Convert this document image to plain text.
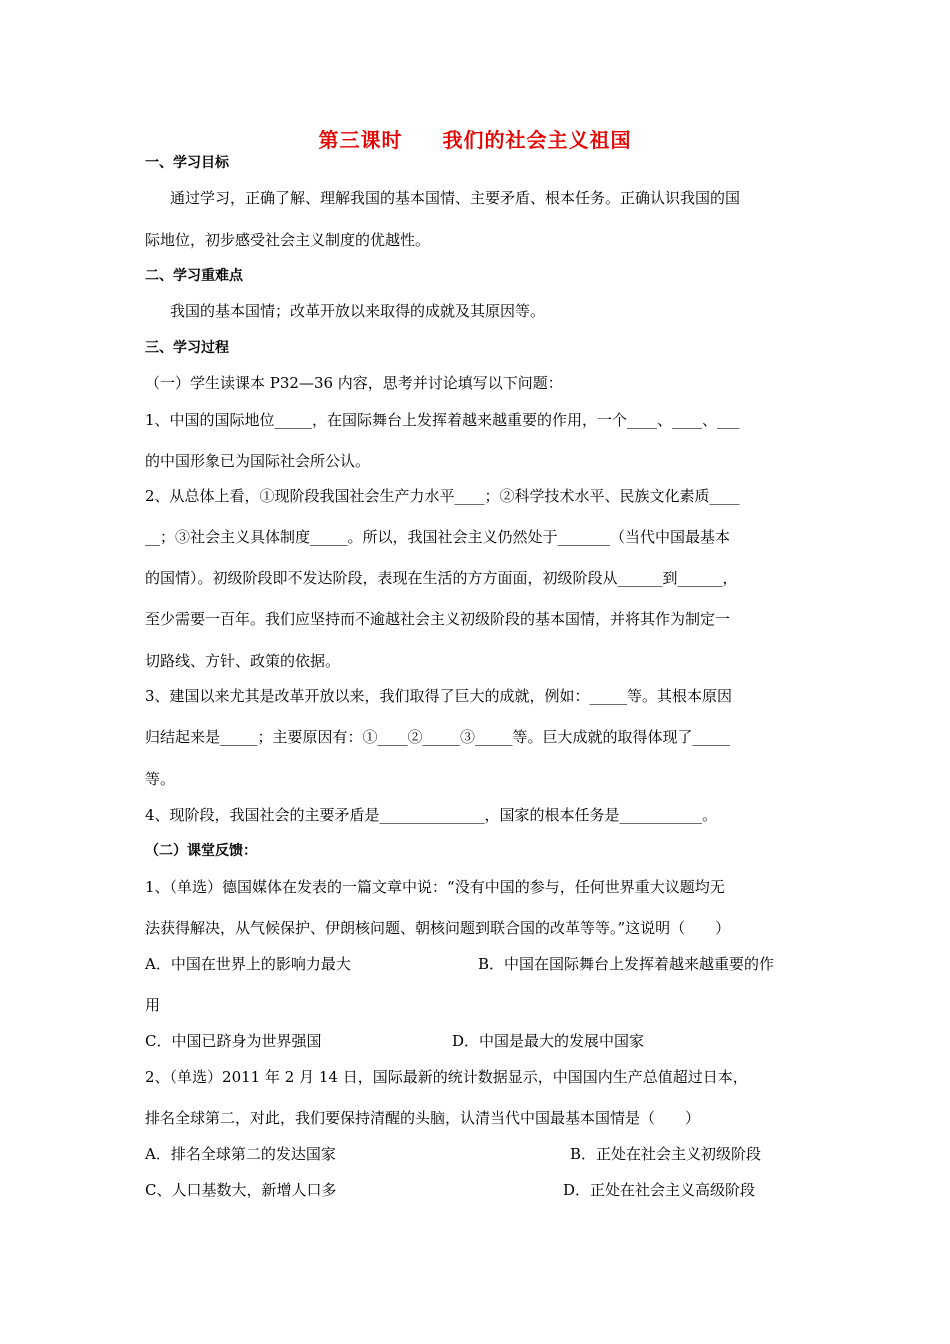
第三课时 我们的社会主义祖国
一、学习目标
通过学习，正确了解、理解我国的基本国情、主要矛盾、根本任务。正确认识我国的国
际地位，初步感受社会主义制度的优越性。
二、学习重难点
我国的基本国情；改革开放以来取得的成就及其原因等。
三、学习过程
（一）学生读课本 P32—36 内容，思考并讨论填写以下问题：
1、中国的国际地位_____，在国际舞台上发挥着越来越重要的作用，一个____、____、___
的中国形象已为国际社会所公认。
2、从总体上看，①现阶段我国社会生产力水平____；②科学技术水平、民族文化素质____
__；③社会主义具体制度_____。所以，我国社会主义仍然处于_______（当代中国最基本
的国情）。初级阶段即不发达阶段，表现在生活的方方面面，初级阶段从______到______，
至少需要一百年。我们应坚持而不逾越社会主义初级阶段的基本国情，并将其作为制定一
切路线、方针、政策的依据。
3、建国以来尤其是改革开放以来，我们取得了巨大的成就，例如：_____等。其根本原因
归结起来是_____；主要原因有：①____②_____③_____等。巨大成就的取得体现了_____
等。
4、现阶段，我国社会的主要矛盾是______________，国家的根本任务是___________。
（二）课堂反馈：
1、（单选）德国媒体在发表的一篇文章中说：“没有中国的参与，任何世界重大议题均无
法获得解决，从气候保护、伊朗核问题、朝核问题到联合国的改革等等。”这说明（　　）
A．中国在世界上的影响力最大	B．中国在国际舞台上发挥着越来越重要的作
用
C．中国已跻身为世界强国	D．中国是最大的发展中国家
2、（单选）2011 年 2 月 14 日，国际最新的统计数据显示，中国国内生产总值超过日本，
排名全球第二，对此，我们要保持清醒的头脑，认清当代中国最基本国情是（　　）
A．排名全球第二的发达国家	B．正处在社会主义初级阶段
C、人口基数大，新增人口多	D．正处在社会主义高级阶段
